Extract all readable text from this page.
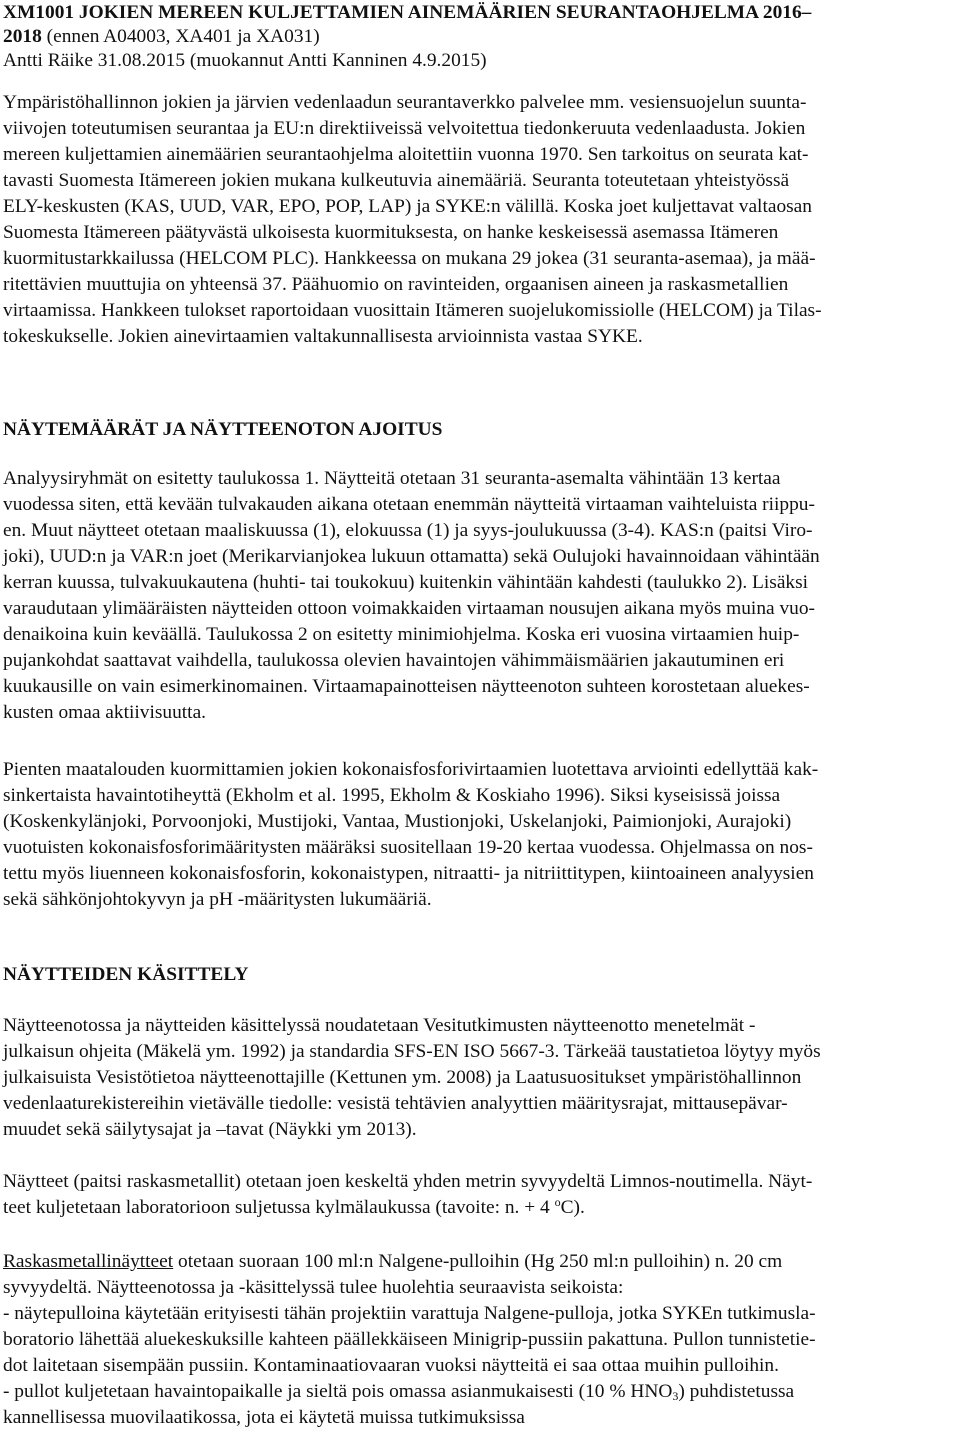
XM1001 JOKIEN MEREEN KULJETTAMIEN AINEMÄÄRIEN SEURANTAOHJELMA 2016–
2018 (ennen A04003, XA401 ja XA031)
Antti Räike 31.08.2015 (muokannut Antti Kanninen 4.9.2015)
Ympäristöhallinnon jokien ja järvien vedenlaadun seurantaverkko palvelee mm. vesiensuojelun suunta-
viivojen toteutumisen seurantaa ja EU:n direktiiveissä velvoitettua tiedonkeruuta vedenlaadusta. Jokien
mereen kuljettamien ainemäärien seurantaohjelma aloitettiin vuonna 1970. Sen tarkoitus on seurata kat-
tavasti Suomesta Itämereen jokien mukana kulkeutuvia ainemääriä. Seuranta toteutetaan yhteistyössä
ELY-keskusten (KAS, UUD, VAR, EPO, POP, LAP) ja SYKE:n välillä. Koska joet kuljettavat valtaosan
Suomesta Itämereen päätyvästä ulkoisesta kuormituksesta, on hanke keskeisessä asemassa Itämeren
kuormitustarkkailussa (HELCOM PLC). Hankkeessa on mukana 29 jokea (31 seuranta-asemaa), ja mää-
ritettävien muuttujia on yhteensä 37. Päähuomio on ravinteiden, orgaanisen aineen ja raskasmetallien
virtaamissa. Hankkeen tulokset raportoidaan vuosittain Itämeren suojelukomissiolle (HELCOM) ja Tilas-
tokeskukselle. Jokien ainevirtaamien valtakunnallisesta arvioinnista vastaa SYKE.
NÄYTEMÄÄRÄT JA NÄYTTEENOTON AJOITUS
Analyysiryhmät on esitetty taulukossa 1. Näytteitä otetaan 31 seuranta-asemalta vähintään 13 kertaa
vuodessa siten, että kevään tulvakauden aikana otetaan enemmän näytteitä virtaaman vaihteluista riippu-
en. Muut näytteet otetaan maaliskuussa (1), elokuussa (1) ja syys-joulukuussa (3-4). KAS:n (paitsi Viro-
joki), UUD:n ja VAR:n joet (Merikarvianjokea lukuun ottamatta) sekä Oulujoki havainnoidaan vähintään
kerran kuussa, tulvakuukautena (huhti- tai toukokuu) kuitenkin vähintään kahdesti (taulukko 2). Lisäksi
varaudutaan ylimääräisten näytteiden ottoon voimakkaiden virtaaman nousujen aikana myös muina vuo-
denaikoina kuin keväällä. Taulukossa 2 on esitetty minimiohjelma. Koska eri vuosina virtaamien huip-
pujankohdat saattavat vaihdella, taulukossa olevien havaintojen vähimmäismäärien jakautuminen eri
kuukausille on vain esimerkinomainen. Virtaamapainotteisen näytteenoton suhteen korostetaan aluekes-
kusten omaa aktiivisuutta.
Pienten maatalouden kuormittamien jokien kokonaisfosforivirtaamien luotettava arviointi edellyttää kak-
sinkertaista havaintotiheyttä (Ekholm et al. 1995, Ekholm & Koskiaho 1996). Siksi kyseisissä joissa
(Koskenkylänjoki, Porvoonjoki, Mustijoki, Vantaa, Mustionjoki, Uskelanjoki, Paimionjoki, Aurajoki)
vuotuisten kokonaisfosforimääritysten määräksi suositellaan 19-20 kertaa vuodessa. Ohjelmassa on nos-
tettu myös liuenneen kokonaisfosforin, kokonaistypen, nitraatti- ja nitriittitypen, kiintoaineen analyysien
sekä sähkönjohtokyvyn ja pH -määritysten lukumääriä.
NÄYTTEIDEN KÄSITTELY
Näytteenotossa ja näytteiden käsittelyssä noudatetaan Vesitutkimusten näytteenotto menetelmät -
julkaisun ohjeita (Mäkelä ym. 1992) ja standardia SFS-EN ISO 5667-3. Tärkeää taustatietoa löytyy myös
julkaisuista Vesistötietoa näytteenottajille (Kettunen ym. 2008) ja Laatusuositukset ympäristöhallinnon
vedenlaaturekistereihin vietävälle tiedolle: vesistä tehtävien analyyttien määritysrajat, mittausepävar-
muudet sekä säilytysajat ja –tavat (Näykki ym 2013).
Näytteet (paitsi raskasmetallit) otetaan joen keskeltä yhden metrin syvyydeltä Limnos-noutimella. Näyt-
teet kuljetetaan laboratorioon suljetussa kylmälaukussa (tavoite: n. + 4 $^o$C).
Raskasmetallinäytteet otetaan suoraan 100 ml:n Nalgene-pulloihin (Hg 250 ml:n pulloihin) n. 20 cm
syvyydeltä. Näytteenotossa ja -käsittelyssä tulee huolehtia seuraavista seikoista:
- näytepulloina käytetään erityisesti tähän projektiin varattuja Nalgene-pulloja, jotka SYKEn tutkimusla-
boratorio lähettää aluekeskuksille kahteen päällekkäiseen Minigrip-pussiin pakattuna. Pullon tunnistetie-
dot laitetaan sisempään pussiin. Kontaminaatiovaaran vuoksi näytteitä ei saa ottaa muihin pulloihin.
- pullot kuljetetaan havaintopaikalle ja sieltä pois omassa asianmukaisesti (10 % $HNO_3$) puhdistetussa
kannellisessa muovilaatikossa, jota ei käytetä muissa tutkimuksissa
